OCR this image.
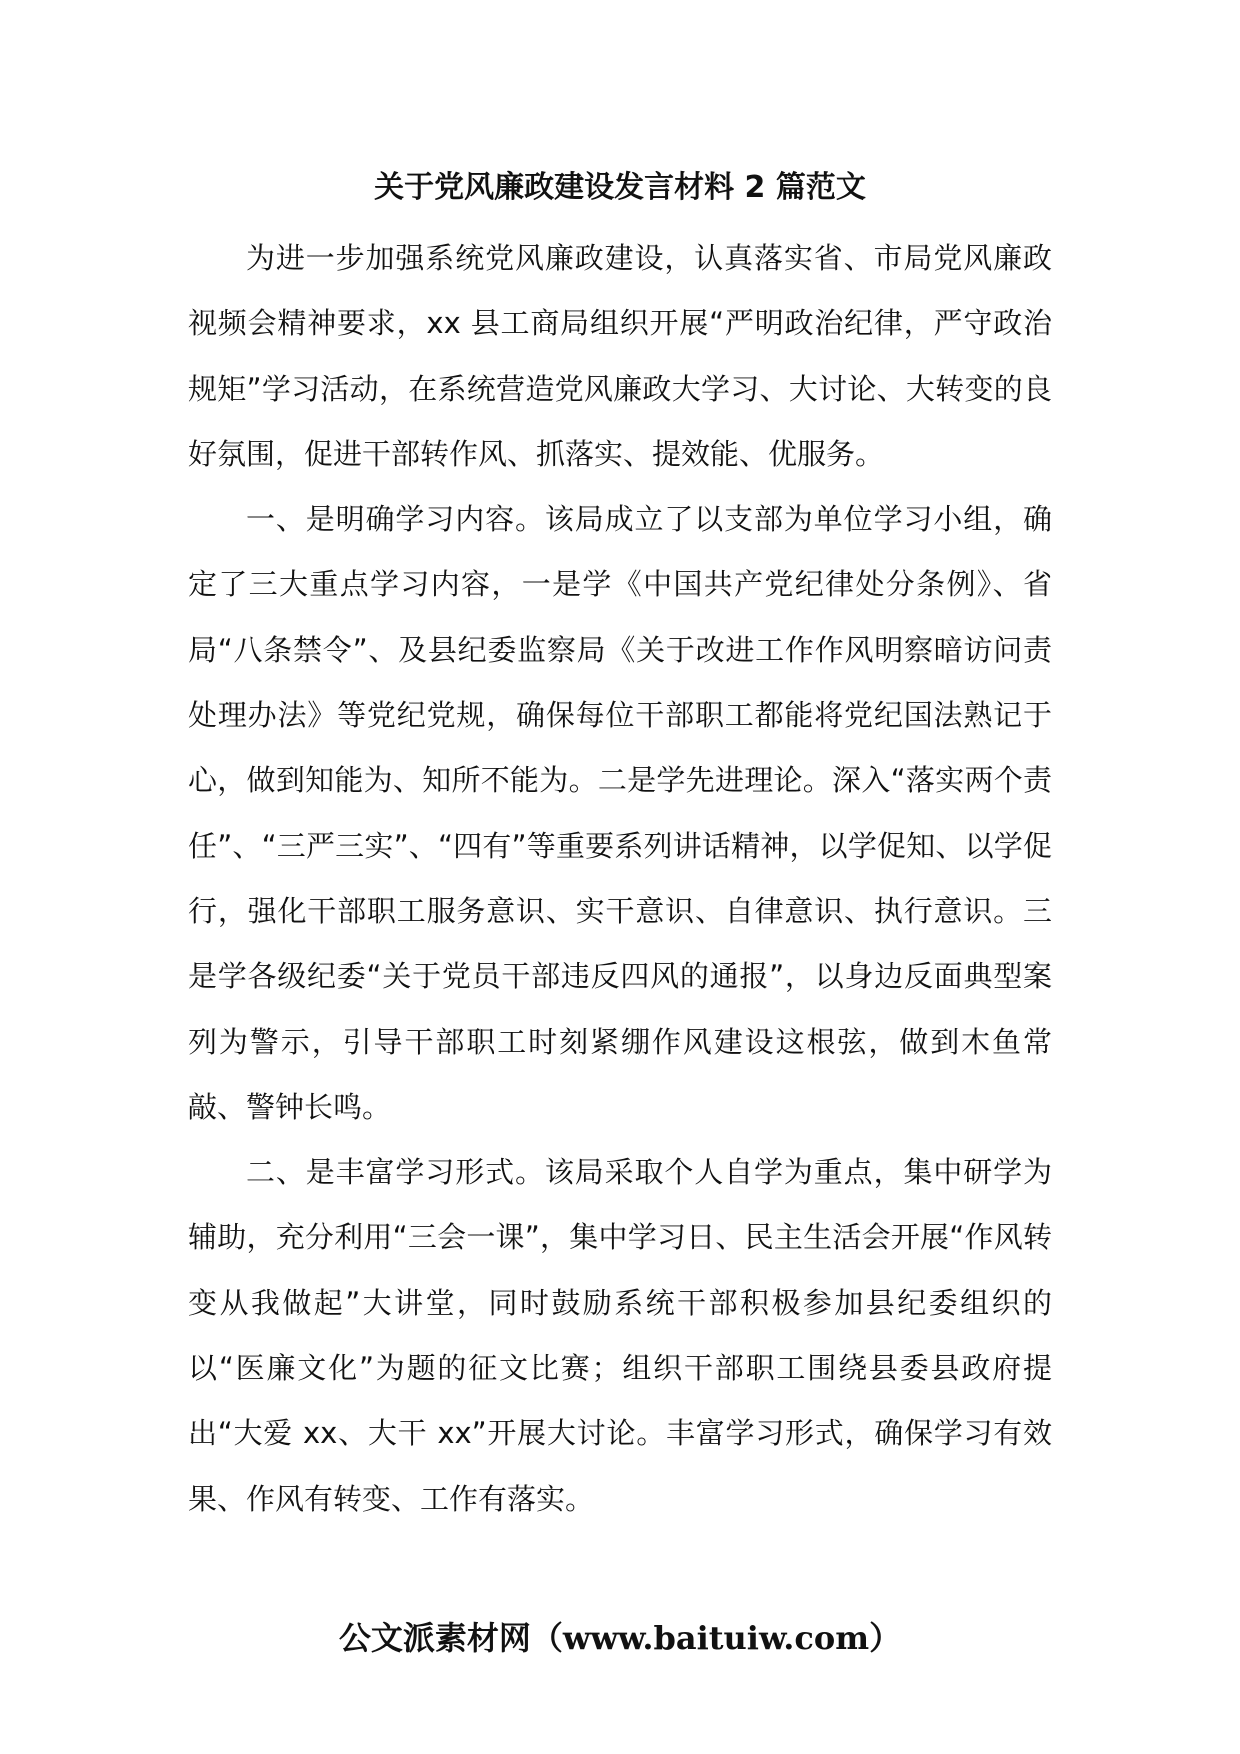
关于党风廉政建设发言材料 2 篇范文

为进一步加强系统党风廉政建设，认真落实省、市局党风廉政视频会精神要求，xx 县工商局组织开展“严明政治纪律，严守政治规矩”学习活动，在系统营造党风廉政大学习、大讨论、大转变的良好氛围，促进干部转作风、抓落实、提效能、优服务。

一、是明确学习内容。该局成立了以支部为单位学习小组，确定了三大重点学习内容，一是学《中国共产党纪律处分条例》、省局“八条禁令”、及县纪委监察局《关于改进工作作风明察暗访问责处理办法》等党纪党规，确保每位干部职工都能将党纪国法熟记于心，做到知能为、知所不能为。二是学先进理论。深入“落实两个责任”、“三严三实”、“四有”等重要系列讲话精神，以学促知、以学促行，强化干部职工服务意识、实干意识、自律意识、执行意识。三是学各级纪委“关于党员干部违反四风的通报”，以身边反面典型案列为警示，引导干部职工时刻紧绷作风建设这根弦，做到木鱼常敲、警钟长鸣。

二、是丰富学习形式。该局采取个人自学为重点，集中研学为辅助，充分利用“三会一课”，集中学习日、民主生活会开展“作风转变从我做起”大讲堂，同时鼓励系统干部积极参加县纪委组织的以“医廉文化”为题的征文比赛；组织干部职工围绕县委县政府提出“大爱 xx、大干 xx”开展大讨论。丰富学习形式，确保学习有效果、作风有转变、工作有落实。

公文派素材网（www.baituiw.com）
